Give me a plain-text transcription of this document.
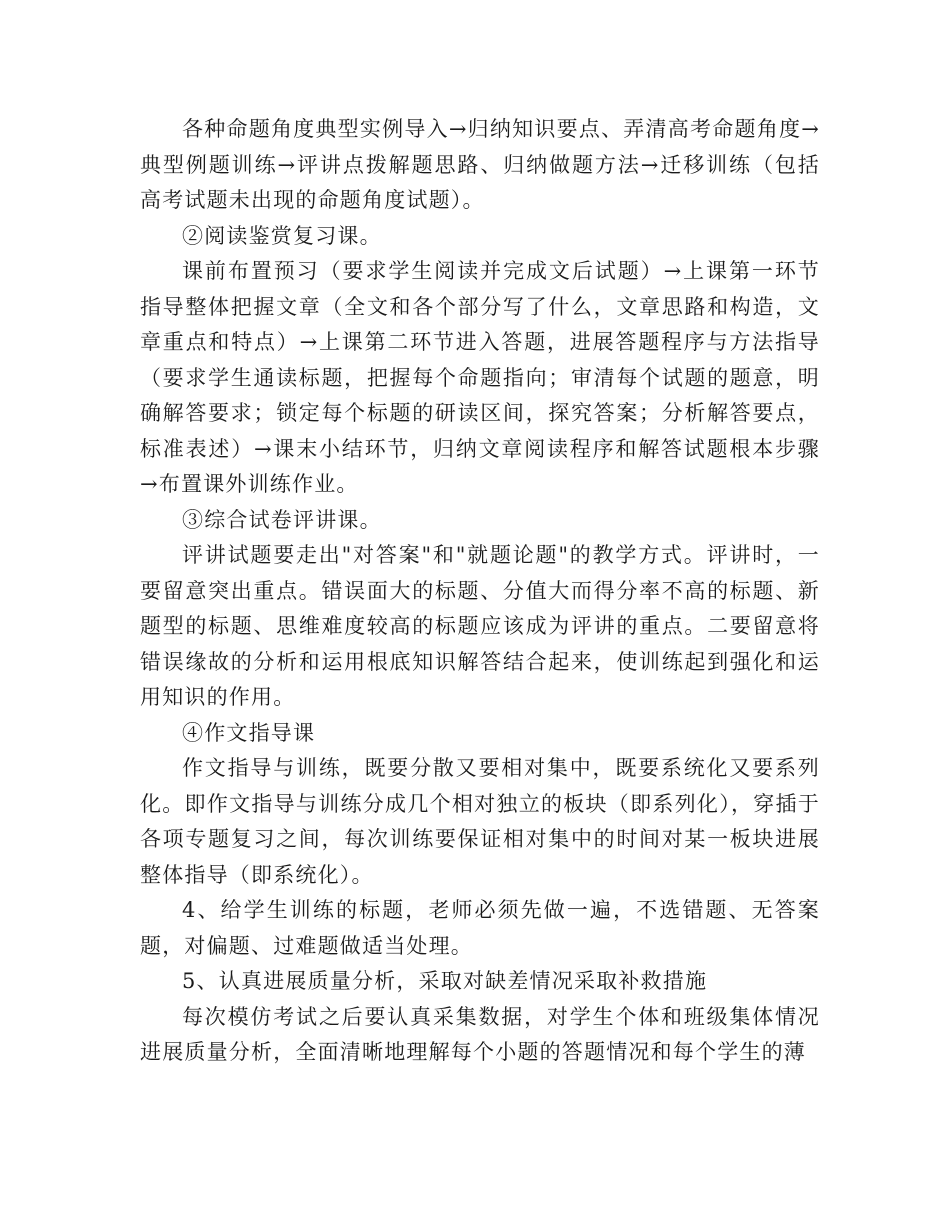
各种命题角度典型实例导入→归纳知识要点、弄清高考命题角度→典型例题训练→评讲点拨解题思路、归纳做题方法→迁移训练（包括高考试题未出现的命题角度试题）。

②阅读鉴赏复习课。

课前布置预习（要求学生阅读并完成文后试题）→上课第一环节指导整体把握文章（全文和各个部分写了什么，文章思路和构造，文章重点和特点）→上课第二环节进入答题，进展答题程序与方法指导（要求学生通读标题，把握每个命题指向；审清每个试题的题意，明确解答要求；锁定每个标题的研读区间，探究答案；分析解答要点，标准表述）→课末小结环节，归纳文章阅读程序和解答试题根本步骤→布置课外训练作业。

③综合试卷评讲课。

评讲试题要走出"对答案"和"就题论题"的教学方式。评讲时，一要留意突出重点。错误面大的标题、分值大而得分率不高的标题、新题型的标题、思维难度较高的标题应该成为评讲的重点。二要留意将错误缘故的分析和运用根底知识解答结合起来，使训练起到强化和运用知识的作用。

④作文指导课

作文指导与训练，既要分散又要相对集中，既要系统化又要系列化。即作文指导与训练分成几个相对独立的板块（即系列化），穿插于各项专题复习之间，每次训练要保证相对集中的时间对某一板块进展整体指导（即系统化）。

4、给学生训练的标题，老师必须先做一遍，不选错题、无答案题，对偏题、过难题做适当处理。

5、认真进展质量分析，采取对缺差情况采取补救措施

每次模仿考试之后要认真采集数据，对学生个体和班级集体情况进展质量分析，全面清晰地理解每个小题的答题情况和每个学生的薄
